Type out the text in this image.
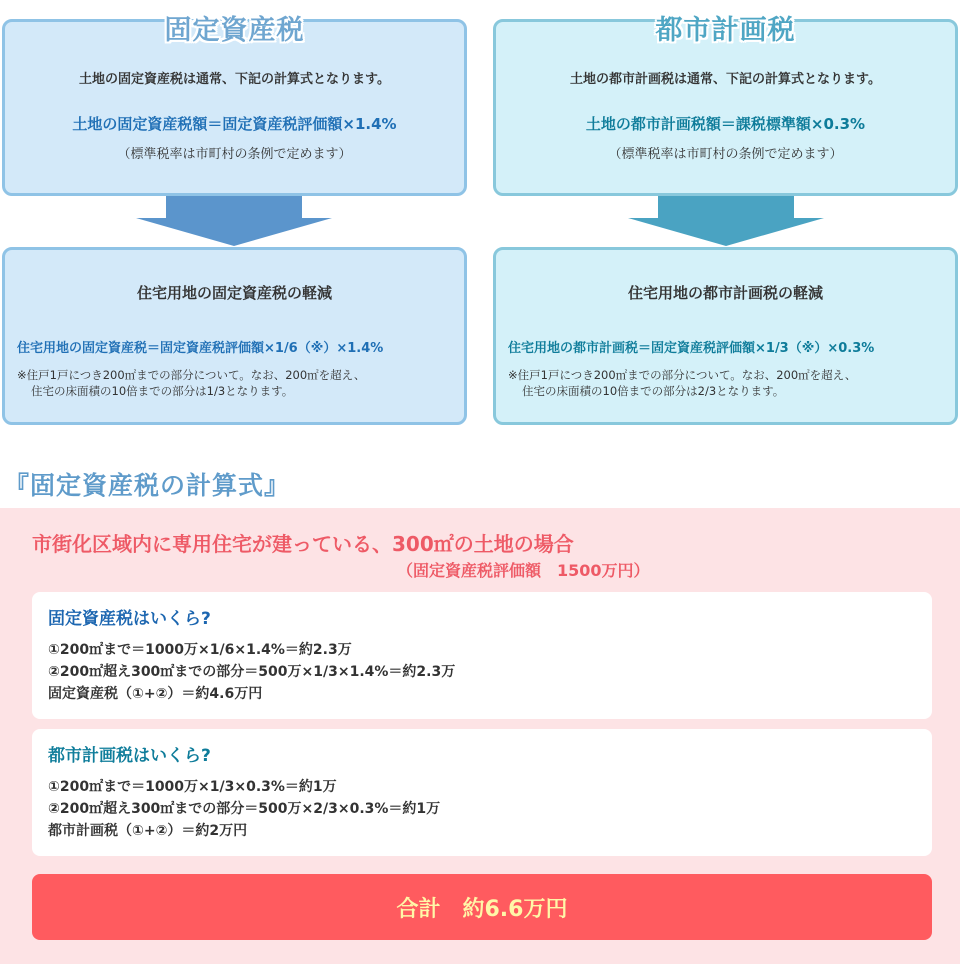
固定資産税
土地の固定資産税は通常、下記の計算式となります。
土地の固定資産税額＝固定資産税評価額×1.4%
（標準税率は市町村の条例で定めます）
都市計画税
土地の都市計画税は通常、下記の計算式となります。
土地の都市計画税額＝課税標準額×0.3%
（標準税率は市町村の条例で定めます）
住宅用地の固定資産税の軽減
住宅用地の固定資産税＝固定資産税評価額×1/6（※）×1.4%
※住戸1戸につき200㎡までの部分について。なお、200㎡を超え、
住宅の床面積の10倍までの部分は1/3となります。
住宅用地の都市計画税の軽減
住宅用地の都市計画税＝固定資産税評価額×1/3（※）×0.3%
※住戸1戸につき200㎡までの部分について。なお、200㎡を超え、
住宅の床面積の10倍までの部分は2/3となります。
『固定資産税の計算式』
市街化区域内に専用住宅が建っている、300㎡の土地の場合
（固定資産税評価額　1500万円）
固定資産税はいくら?
①200㎡まで＝1000万×1/6×1.4%＝約2.3万
②200㎡超え300㎡までの部分＝500万×1/3×1.4%＝約2.3万
固定資産税（①+②）＝約4.6万円
都市計画税はいくら?
①200㎡まで＝1000万×1/3×0.3%＝約1万
②200㎡超え300㎡までの部分＝500万×2/3×0.3%＝約1万
都市計画税（①+②）＝約2万円
合計　約6.6万円
